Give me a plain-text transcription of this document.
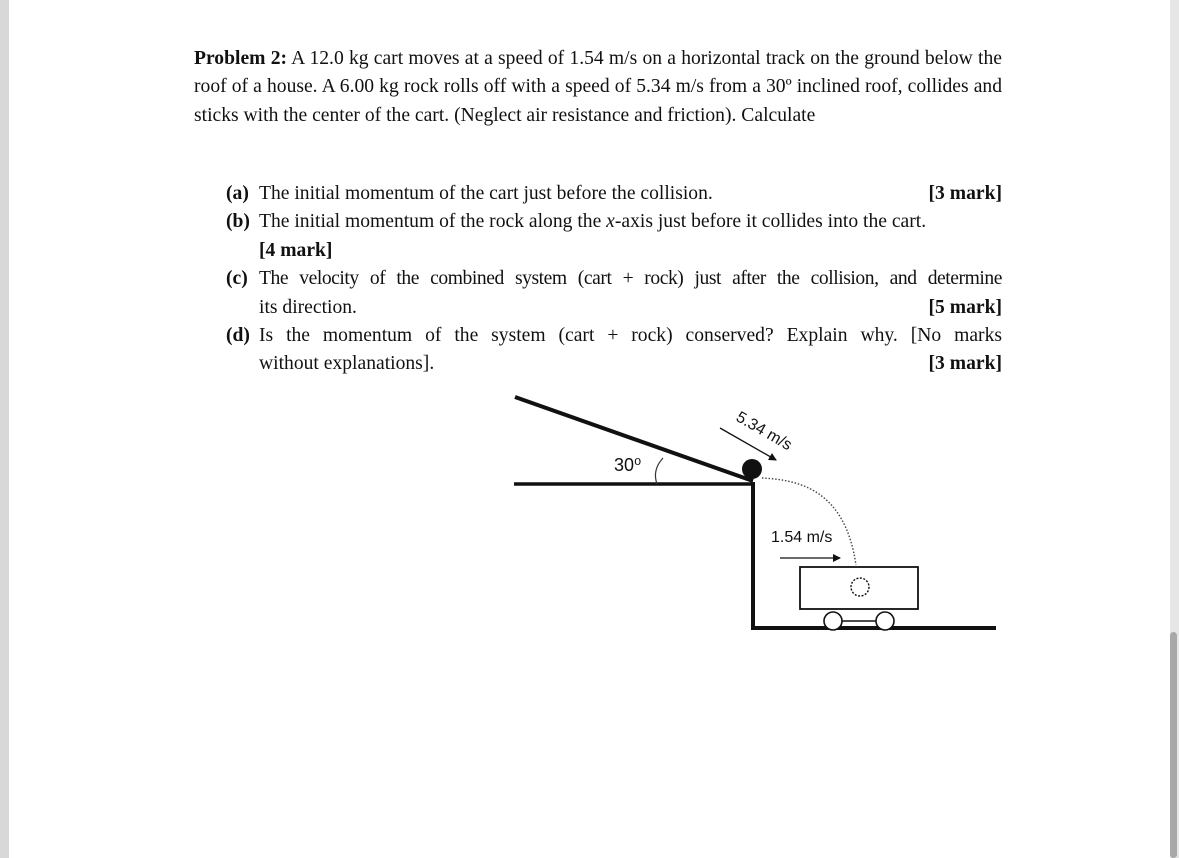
Problem 2: A 12.0 kg cart moves at a speed of 1.54 m/s on a horizontal track on the ground below the roof of a house. A 6.00 kg rock rolls off with a speed of 5.34 m/s from a 30º inclined roof, collides and sticks with the center of the cart. (Neglect air resistance and friction). Calculate
(a) The initial momentum of the cart just before the collision.	[3 mark]
(b) The initial momentum of the rock along the x-axis just before it collides into the cart.
[4 mark]
(c) The velocity of the combined system (cart + rock) just after the collision, and determine
its direction.	[5 mark]
(d) Is the momentum of the system (cart + rock) conserved? Explain why. [No marks
without explanations].	[3 mark]
30⁰
5.34 m/s
1.54 m/s
